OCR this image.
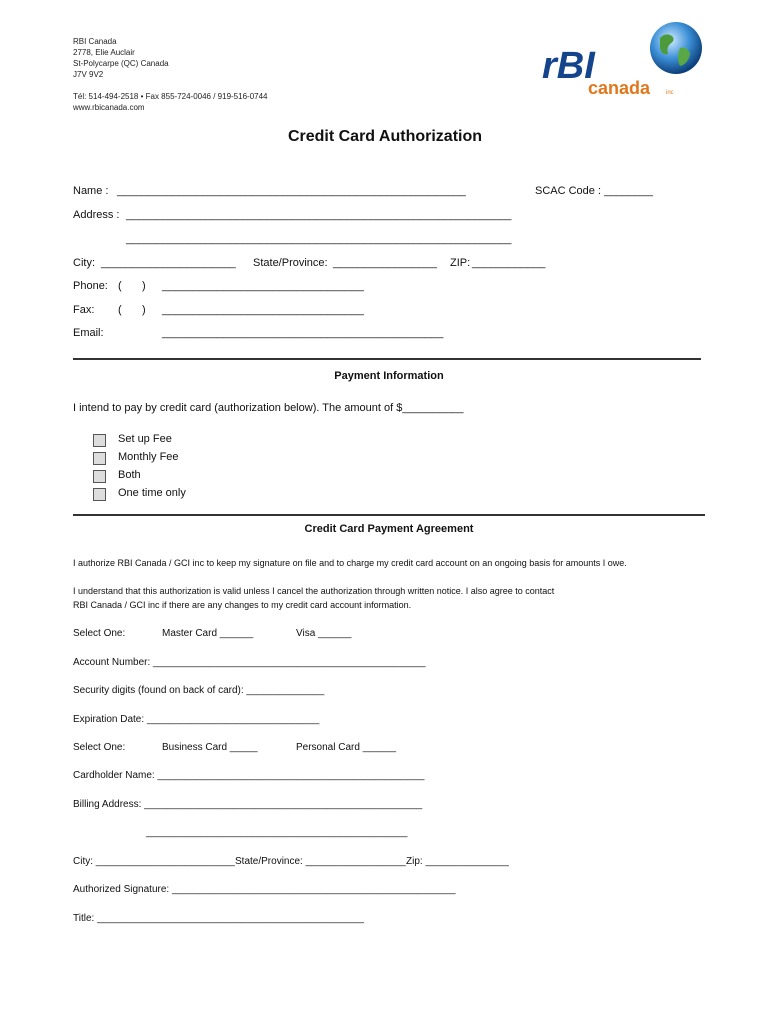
RBI Canada
2778, Elie Auclair
St-Polycarpe (QC) Canada
J7V 9V2
Tél: 514-494-2518 • Fax 855-724-0046 / 919-516-0744
www.rbicanada.com
rBI
canada	inc
Credit Card Authorization
Name : _________________________________________________________	SCAC Code : ________
Address : _______________________________________________________________
_______________________________________________________________
City: ______________________ State/Province: _________________ ZIP: ____________
Phone: ( ) _________________________________
Fax: ( ) _________________________________
Email:	______________________________________________
Payment Information
I intend to pay by credit card (authorization below). The amount of $__________
Set up Fee
Monthly Fee
Both
One time only
Credit Card Payment Agreement
I authorize RBI Canada / GCI inc to keep my signature on file and to charge my credit card account on an ongoing basis for amounts I owe.
I understand that this authorization is valid unless I cancel the authorization through written notice. I also agree to contact
RBI Canada / GCI inc if there are any changes to my credit card account information.
Select One:	Master Card ______	Visa ______
Account Number: _________________________________________________
Security digits (found on back of card): ______________
Expiration Date: _______________________________
Select One:	Business Card _____	Personal Card ______
Cardholder Name: ________________________________________________
Billing Address: __________________________________________________
_______________________________________________
City: _________________________ State/Province: __________________ Zip: _______________
Authorized Signature: ___________________________________________________
Title: ________________________________________________
